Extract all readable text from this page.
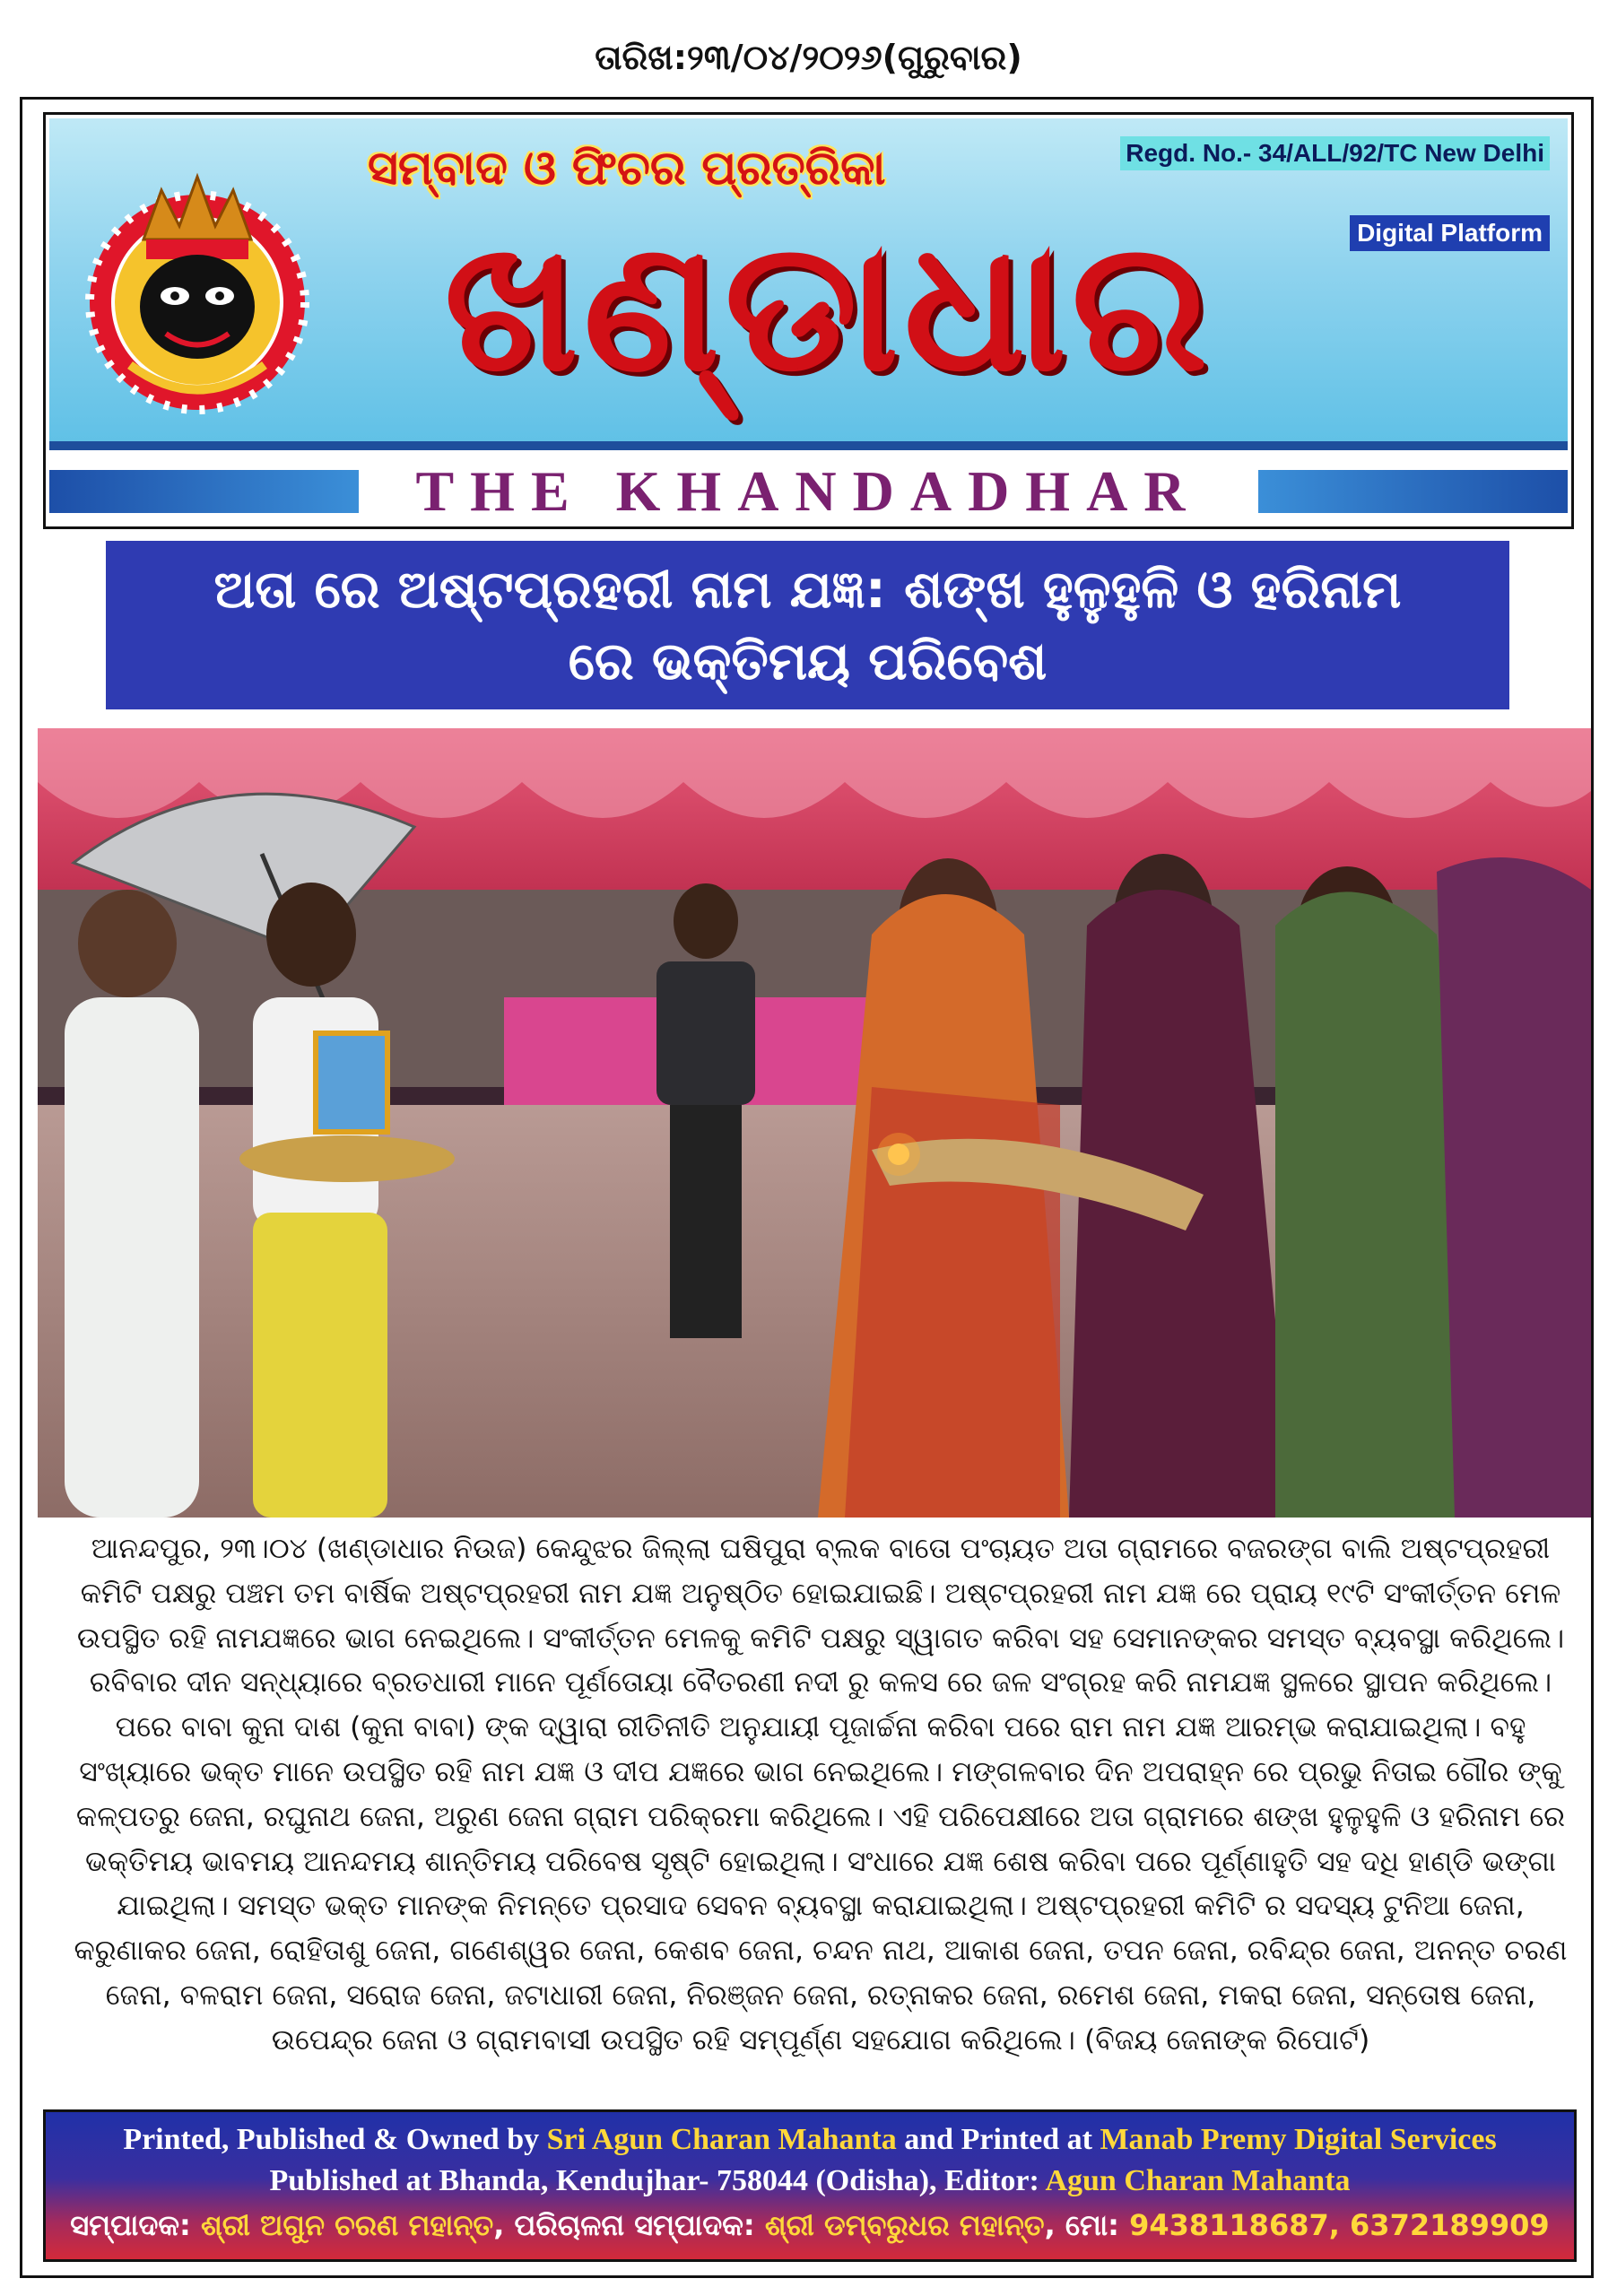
ତାରିଖ:୨୩/୦୪/୨୦୨୬(ଗୁରୁବାର)
ସମ୍ବାଦ ଓ ଫିଚର ପ୍ରତ୍ରିକା
ଖଣ୍ଡାଧାର
Regd. No.- 34/ALL/92/TC New Delhi
Digital Platform
THE KHANDADHAR
ଅତା ରେ ଅଷ୍ଟପ୍ରହରୀ ନାମ ଯଜ୍ଞ: ଶଙ୍ଖ ହୁଳୁହୁଳି ଓ ହରିନାମ
ରେ ଭକ୍ତିମୟ ପରିବେଶ
ଆନନ୍ଦପୁର, ୨୩।୦୪ (ଖଣ୍ଡାଧାର ନିଉଜ) କେନ୍ଦୁଝର ଜିଲ୍ଲା ଘଷିପୁରା ବ୍ଲକ ବାତୋ ପଂଚାୟତ ଅତା ଗ୍ରାମରେ ବଜରଙ୍ଗ ବାଲି ଅଷ୍ଟପ୍ରହରୀ କମିଟି ପକ୍ଷରୁ ପଞ୍ଚମ ତମ ବାର୍ଷିକ ଅଷ୍ଟପ୍ରହରୀ ନାମ ଯଜ୍ଞ ଅନୁଷ୍ଠିତ ହୋଇଯାଇଛି। ଅଷ୍ଟପ୍ରହରୀ ନାମ ଯଜ୍ଞ ରେ ପ୍ରାୟ ୧୯ଟି ସଂକୀର୍ତ୍ତନ ମେଳ ଉପସ୍ଥିତ ରହି ନାମଯଜ୍ଞରେ ଭାଗ ନେଇଥିଲେ। ସଂକୀର୍ତ୍ତନ ମେଳକୁ କମିଟି ପକ୍ଷରୁ ସ୍ୱାଗତ କରିବା ସହ ସେମାନଙ୍କର ସମସ୍ତ ବ୍ୟବସ୍ଥା କରିଥିଲେ। ରବିବାର ଦୀନ ସନ୍ଧ୍ୟାରେ ବ୍ରତଧାରୀ ମାନେ ପୂର୍ଣତୋୟା ବୈତରଣୀ ନଦୀ ରୁ କଳସ ରେ ଜଳ ସଂଗ୍ରହ କରି ନାମଯଜ୍ଞ ସ୍ଥଳରେ ସ୍ଥାପନ କରିଥିଲେ। ପରେ ବାବା କୁନା ଦାଶ (କୁନା ବାବା) ଙ୍କ ଦ୍ୱାରା ରୀତିନୀତି ଅନୁଯାୟୀ ପୂଜାର୍ଚ୍ଚନା କରିବା ପରେ ରାମ ନାମ ଯଜ୍ଞ ଆରମ୍ଭ କରାଯାଇଥିଲା। ବହୁ ସଂଖ୍ୟାରେ ଭକ୍ତ ମାନେ ଉପସ୍ଥିତ ରହି ନାମ ଯଜ୍ଞ ଓ ଦୀପ ଯଜ୍ଞରେ ଭାଗ ନେଇଥିଲେ। ମଙ୍ଗଳବାର ଦିନ ଅପରାହ୍ନ ରେ ପ୍ରଭୁ ନିତାଇ ଗୌର ଙ୍କୁ କଳ୍ପତରୁ ଜେନା, ରଘୁନାଥ ଜେନା, ଅରୁଣ ଜେନା ଗ୍ରାମ ପରିକ୍ରମା କରିଥିଲେ। ଏହି ପରିପେକ୍ଷୀରେ ଅତା ଗ୍ରାମରେ ଶଙ୍ଖ ହୁଳୁହୁଳି ଓ ହରିନାମ ରେ ଭକ୍ତିମୟ ଭାବମୟ ଆନନ୍ଦମୟ ଶାନ୍ତିମୟ ପରିବେଷ ସୃଷ୍ଟି ହୋଇଥିଲା। ସଂଧାରେ ଯଜ୍ଞ ଶେଷ କରିବା ପରେ ପୂର୍ଣ୍ଣାହୁତି ସହ ଦଧି ହାଣ୍ଡି ଭଙ୍ଗା ଯାଇଥିଲା। ସମସ୍ତ ଭକ୍ତ ମାନଙ୍କ ନିମନ୍ତେ ପ୍ରସାଦ ସେବନ ବ୍ୟବସ୍ଥା କରାଯାଇଥିଲା। ଅଷ୍ଟପ୍ରହରୀ କମିଟି ର ସଦସ୍ୟ ଟୁନିଆ ଜେନା, କରୁଣାକର ଜେନା, ରୋହିତାଶୁ ଜେନା, ଗଣେଶ୍ୱର ଜେନା, କେଶବ ଜେନା, ଚନ୍ଦନ ନାଥ, ଆକାଶ ଜେନା, ତପନ ଜେନା, ରବିନ୍ଦ୍ର ଜେନା, ଅନନ୍ତ ଚରଣ ଜେନା, ବଳରାମ ଜେନା, ସରୋଜ ଜେନା, ଜଟାଧାରୀ ଜେନା, ନିରଞ୍ଜନ ଜେନା, ରତ୍ନାକର ଜେନା, ରମେଶ ଜେନା, ମକରା ଜେନା, ସନ୍ତୋଷ ଜେନା, ଉପେନ୍ଦ୍ର ଜେନା ଓ ଗ୍ରାମବାସୀ ଉପସ୍ଥିତ ରହି ସମ୍ପୂର୍ଣ୍ଣ ସହଯୋଗ କରିଥିଲେ। (ବିଜୟ ଜେନାଙ୍କ ରିପୋର୍ଟ)
Printed, Published & Owned by Sri Agun Charan Mahanta and Printed at Manab Premy Digital Services
Published at Bhanda, Kendujhar- 758044 (Odisha), Editor: Agun Charan Mahanta
ସମ୍ପାଦକ: ଶ୍ରୀ ଅଗୁନ ଚରଣ ମହାନ୍ତ, ପରିଚାଳନା ସମ୍ପାଦକ: ଶ୍ରୀ ଡମ୍ବରୁଧର ମହାନ୍ତ, ମୋ: 9438118687, 6372189909
